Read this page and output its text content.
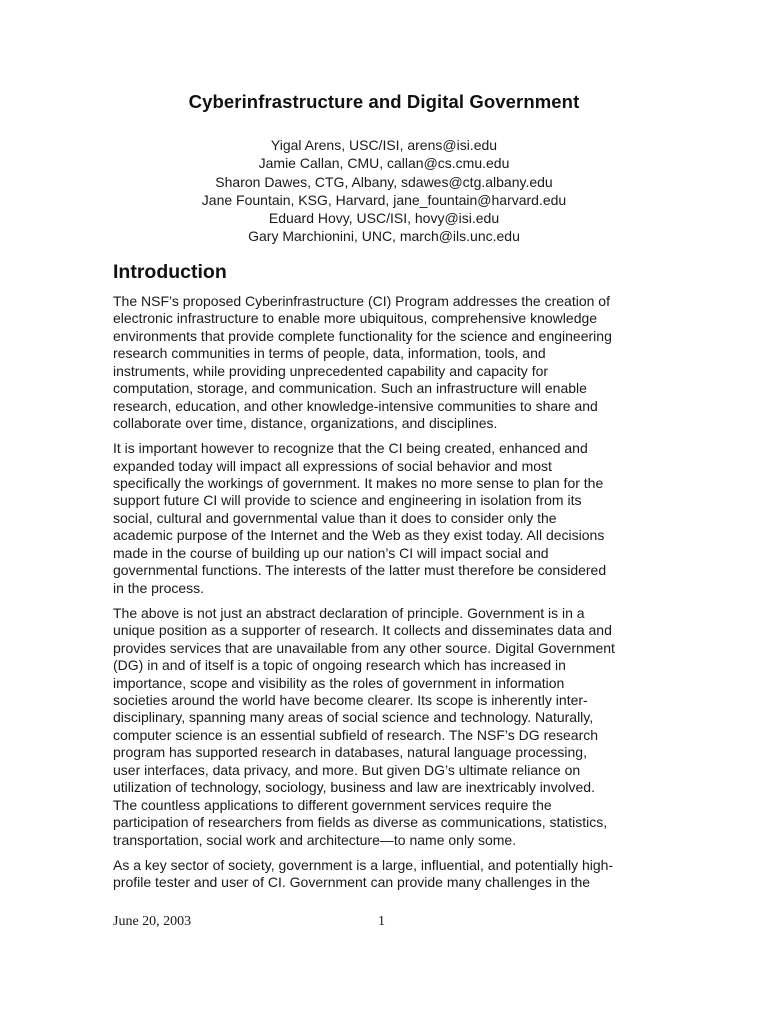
Cyberinfrastructure and Digital Government
Yigal Arens, USC/ISI, arens@isi.edu
Jamie Callan, CMU, callan@cs.cmu.edu
Sharon Dawes, CTG, Albany, sdawes@ctg.albany.edu
Jane Fountain, KSG, Harvard, jane_fountain@harvard.edu
Eduard Hovy, USC/ISI, hovy@isi.edu
Gary Marchionini, UNC, march@ils.unc.edu
Introduction

The NSF’s proposed Cyberinfrastructure (CI) Program addresses the creation of
electronic infrastructure to enable more ubiquitous, comprehensive knowledge
environments that provide complete functionality for the science and engineering
research communities in terms of people, data, information, tools, and
instruments, while providing unprecedented capability and capacity for
computation, storage, and communication. Such an infrastructure will enable
research, education, and other knowledge-intensive communities to share and
collaborate over time, distance, organizations, and disciplines.

It is important however to recognize that the CI being created, enhanced and
expanded today will impact all expressions of social behavior and most
specifically the workings of government. It makes no more sense to plan for the
support future CI will provide to science and engineering in isolation from its
social, cultural and governmental value than it does to consider only the
academic purpose of the Internet and the Web as they exist today. All decisions
made in the course of building up our nation’s CI will impact social and
governmental functions. The interests of the latter must therefore be considered
in the process.

The above is not just an abstract declaration of principle. Government is in a
unique position as a supporter of research. It collects and disseminates data and
provides services that are unavailable from any other source. Digital Government
(DG) in and of itself is a topic of ongoing research which has increased in
importance, scope and visibility as the roles of government in information
societies around the world have become clearer. Its scope is inherently inter-
disciplinary, spanning many areas of social science and technology. Naturally,
computer science is an essential subfield of research. The NSF’s DG research
program has supported research in databases, natural language processing,
user interfaces, data privacy, and more. But given DG’s ultimate reliance on
utilization of technology, sociology, business and law are inextricably involved.
The countless applications to different government services require the
participation of researchers from fields as diverse as communications, statistics,
transportation, social work and architecture—to name only some.

As a key sector of society, government is a large, influential, and potentially high-
profile tester and user of CI. Government can provide many challenges in the

June 20, 2003	1
